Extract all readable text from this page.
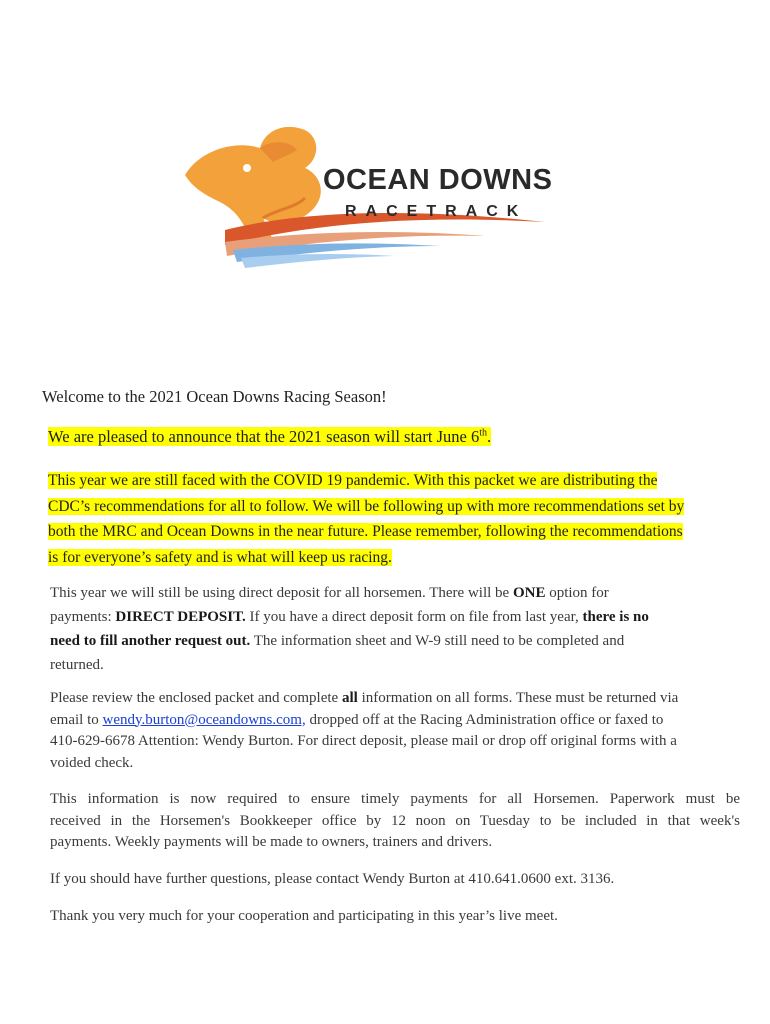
OCEAN DOWNS
RACETRACK
Welcome to the 2021 Ocean Downs Racing Season!
We are pleased to announce that the 2021 season will start June 6th.
This year we are still faced with the COVID 19 pandemic. With this packet we are distributing the
CDC’s recommendations for all to follow. We will be following up with more recommendations set by
both the MRC and Ocean Downs in the near future. Please remember, following the recommendations
is for everyone’s safety and is what will keep us racing.
This year we will still be using direct deposit for all horsemen. There will be ONE option for
payments: DIRECT DEPOSIT. If you have a direct deposit form on file from last year, there is no
need to fill another request out. The information sheet and W-9 still need to be completed and
returned.
Please review the enclosed packet and complete all information on all forms. These must be returned via
email to wendy.burton@oceandowns.com, dropped off at the Racing Administration office or faxed to
410-629-6678 Attention: Wendy Burton. For direct deposit, please mail or drop off original forms with a
voided check.
This information is now required to ensure timely payments for all Horsemen. Paperwork must be
received in the Horsemen's Bookkeeper office by 12 noon on Tuesday to be included in that week's
payments. Weekly payments will be made to owners, trainers and drivers.
If you should have further questions, please contact Wendy Burton at 410.641.0600 ext. 3136.
Thank you very much for your cooperation and participating in this year’s live meet.
